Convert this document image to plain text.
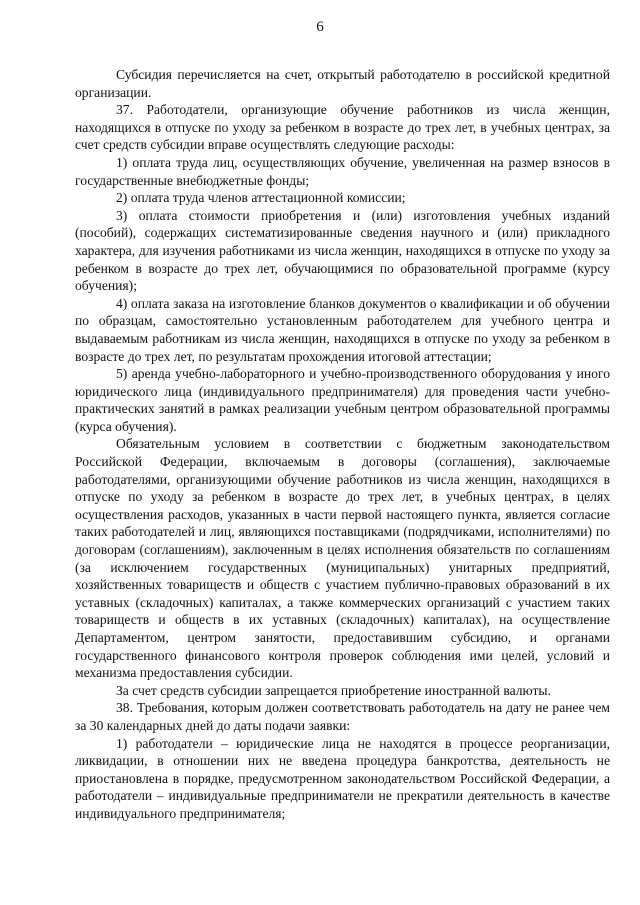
6

Субсидия перечисляется на счет, открытый работодателю в российской кредитной организации.

37. Работодатели, организующие обучение работников из числа женщин, находящихся в отпуске по уходу за ребенком в возрасте до трех лет, в учебных центрах, за счет средств субсидии вправе осуществлять следующие расходы:

1) оплата труда лиц, осуществляющих обучение, увеличенная на размер взносов в государственные внебюджетные фонды;

2) оплата труда членов аттестационной комиссии;

3) оплата стоимости приобретения и (или) изготовления учебных изданий (пособий), содержащих систематизированные сведения научного и (или) прикладного характера, для изучения работниками из числа женщин, находящихся в отпуске по уходу за ребенком в возрасте до трех лет, обучающимися по образовательной программе (курсу обучения);

4) оплата заказа на изготовление бланков документов о квалификации и об обучении по образцам, самостоятельно установленным работодателем для учебного центра и выдаваемым работникам из числа женщин, находящихся в отпуске по уходу за ребенком в возрасте до трех лет, по результатам прохождения итоговой аттестации;

5) аренда учебно-лабораторного и учебно-производственного оборудования у иного юридического лица (индивидуального предпринимателя) для проведения части учебно-практических занятий в рамках реализации учебным центром образовательной программы (курса обучения).

Обязательным условием в соответствии с бюджетным законодательством Российской Федерации, включаемым в договоры (соглашения), заключаемые работодателями, организующими обучение работников из числа женщин, находящихся в отпуске по уходу за ребенком в возрасте до трех лет, в учебных центрах, в целях осуществления расходов, указанных в части первой настоящего пункта, является согласие таких работодателей и лиц, являющихся поставщиками (подрядчиками, исполнителями) по договорам (соглашениям), заключенным в целях исполнения обязательств по соглашениям (за исключением государственных (муниципальных) унитарных предприятий, хозяйственных товариществ и обществ с участием публично-правовых образований в их уставных (складочных) капиталах, а также коммерческих организаций с участием таких товариществ и обществ в их уставных (складочных) капиталах), на осуществление Департаментом, центром занятости, предоставившим субсидию, и органами государственного финансового контроля проверок соблюдения ими целей, условий и механизма предоставления субсидии.

За счет средств субсидии запрещается приобретение иностранной валюты.

38. Требования, которым должен соответствовать работодатель на дату не ранее чем за 30 календарных дней до даты подачи заявки:

1) работодатели – юридические лица не находятся в процессе реорганизации, ликвидации, в отношении них не введена процедура банкротства, деятельность не приостановлена в порядке, предусмотренном законодательством Российской Федерации, а работодатели – индивидуальные предприниматели не прекратили деятельность в качестве индивидуального предпринимателя;
